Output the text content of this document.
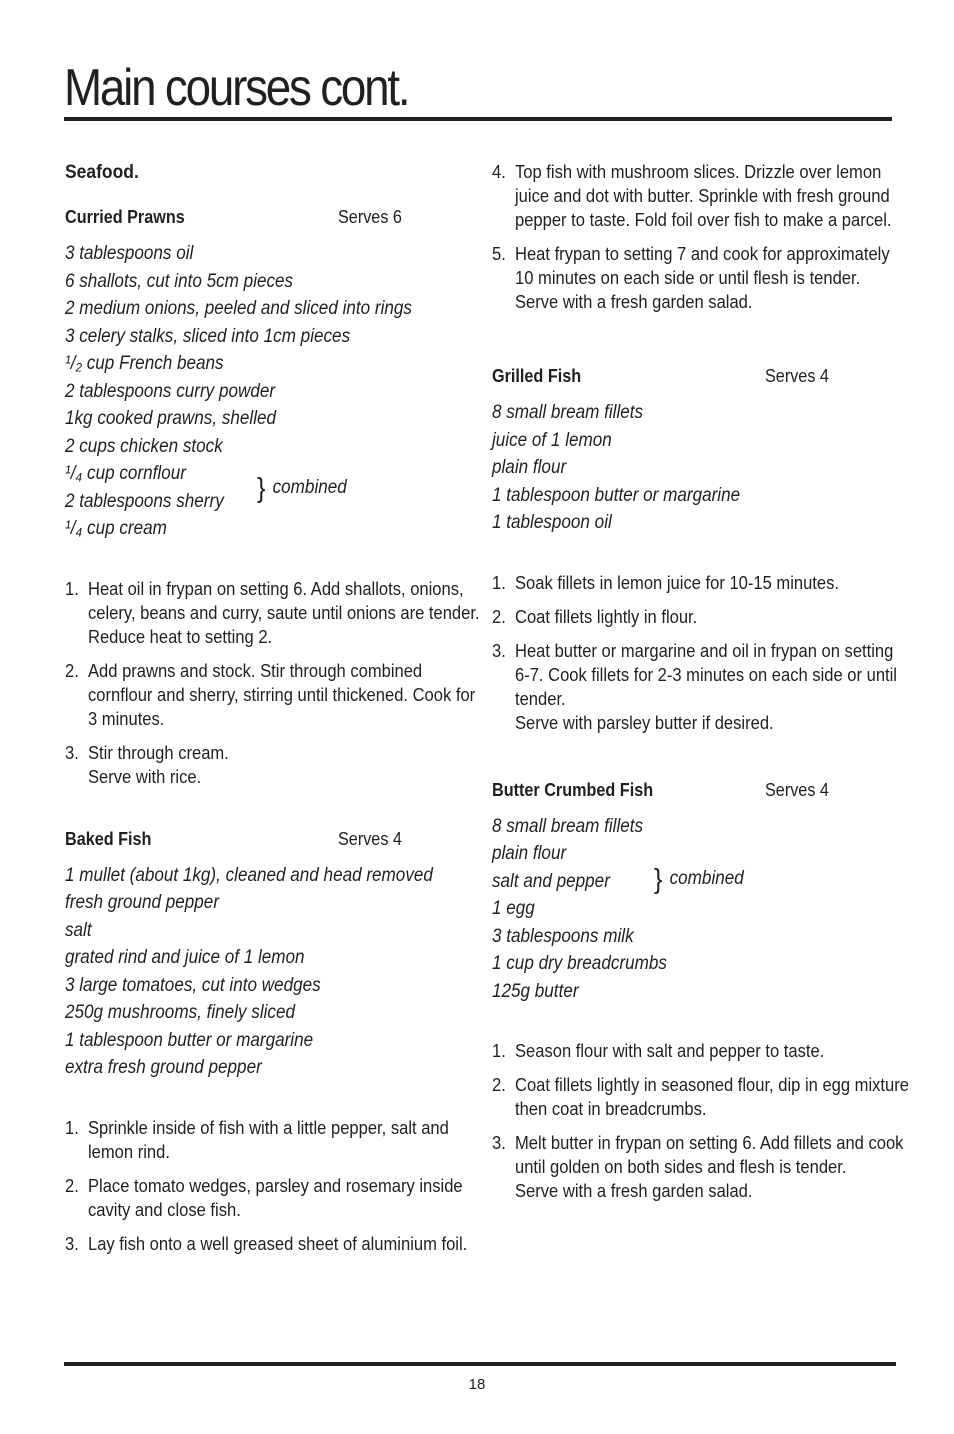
Main courses cont.
Seafood.
Curried Prawns	Serves 6
3 tablespoons oil
6 shallots, cut into 5cm pieces
2 medium onions, peeled and sliced into rings
3 celery stalks, sliced into 1cm pieces
¹/₂ cup French beans
2 tablespoons curry powder
1kg cooked prawns, shelled
2 cups chicken stock
¹/₄ cup cornflour
2 tablespoons sherry
¹/₄ cup cream
} combined
1. Heat oil in frypan on setting 6. Add shallots, onions, celery, beans and curry, saute until onions are tender. Reduce heat to setting 2.
2. Add prawns and stock. Stir through combined cornflour and sherry, stirring until thickened. Cook for 3 minutes.
3. Stir through cream.
Serve with rice.
Baked Fish	Serves 4
1 mullet (about 1kg), cleaned and head removed
fresh ground pepper
salt
grated rind and juice of 1 lemon
3 large tomatoes, cut into wedges
250g mushrooms, finely sliced
1 tablespoon butter or margarine
extra fresh ground pepper
1. Sprinkle inside of fish with a little pepper, salt and lemon rind.
2. Place tomato wedges, parsley and rosemary inside cavity and close fish.
3. Lay fish onto a well greased sheet of aluminium foil.
4. Top fish with mushroom slices. Drizzle over lemon juice and dot with butter. Sprinkle with fresh ground pepper to taste. Fold foil over fish to make a parcel.
5. Heat frypan to setting 7 and cook for approximately 10 minutes on each side or until flesh is tender.
Serve with a fresh garden salad.
Grilled Fish	Serves 4
8 small bream fillets
juice of 1 lemon
plain flour
1 tablespoon butter or margarine
1 tablespoon oil
1. Soak fillets in lemon juice for 10-15 minutes.
2. Coat fillets lightly in flour.
3. Heat butter or margarine and oil in frypan on setting 6-7. Cook fillets for 2-3 minutes on each side or until tender.
Serve with parsley butter if desired.
Butter Crumbed Fish	Serves 4
8 small bream fillets
plain flour
salt and pepper
1 egg
3 tablespoons milk
1 cup dry breadcrumbs
125g butter
} combined
1. Season flour with salt and pepper to taste.
2. Coat fillets lightly in seasoned flour, dip in egg mixture then coat in breadcrumbs.
3. Melt butter in frypan on setting 6. Add fillets and cook until golden on both sides and flesh is tender.
Serve with a fresh garden salad.
18
